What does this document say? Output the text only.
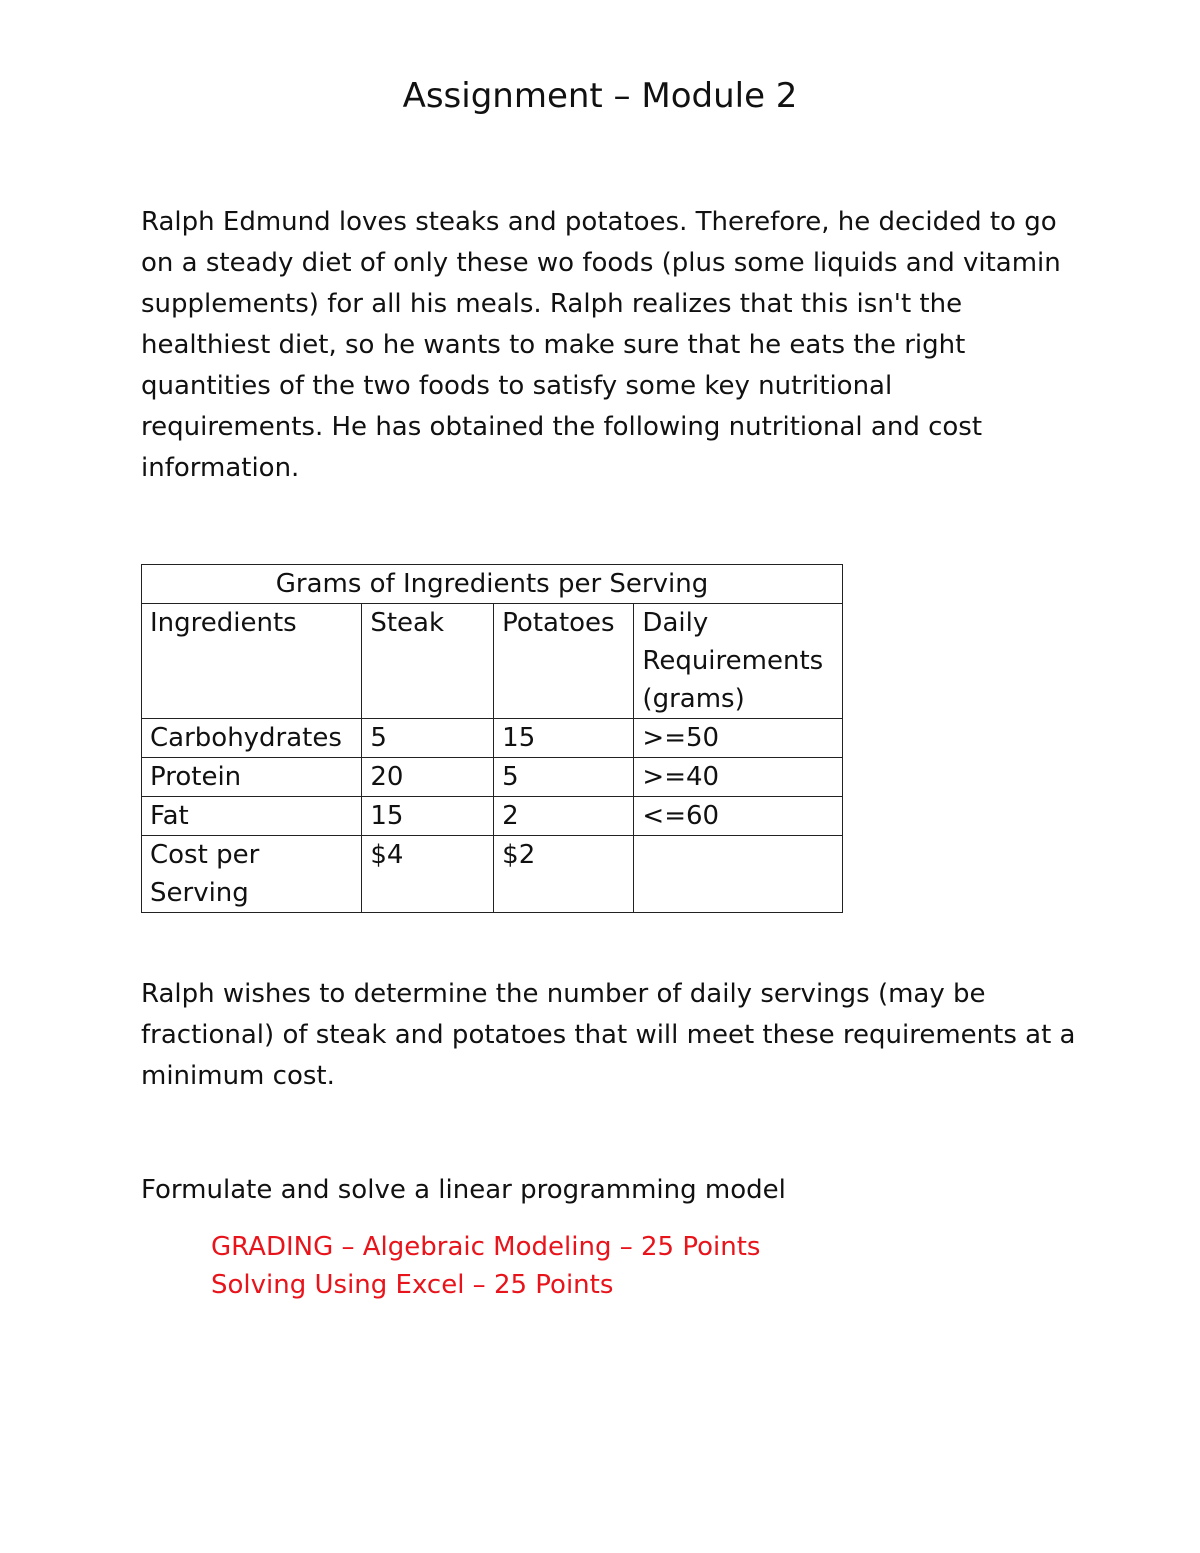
Assignment – Module 2

Ralph Edmund loves steaks and potatoes. Therefore, he decided to go
on a steady diet of only these wo foods (plus some liquids and vitamin
supplements) for all his meals. Ralph realizes that this isn't the
healthiest diet, so he wants to make sure that he eats the right
quantities of the two foods to satisfy some key nutritional
requirements. He has obtained the following nutritional and cost
information.

Grams of Ingredients per Serving			
Ingredients	Steak	Potatoes	Daily Requirements (grams)
Carbohydrates	5	15	>=50
Protein	20	5	>=40
Fat	15	2	<=60
Cost per Serving	$4	$2	

Ralph wishes to determine the number of daily servings (may be
fractional) of steak and potatoes that will meet these requirements at a
minimum cost.

Formulate and solve a linear programming model

GRADING – Algebraic Modeling – 25 Points
Solving Using Excel – 25 Points
